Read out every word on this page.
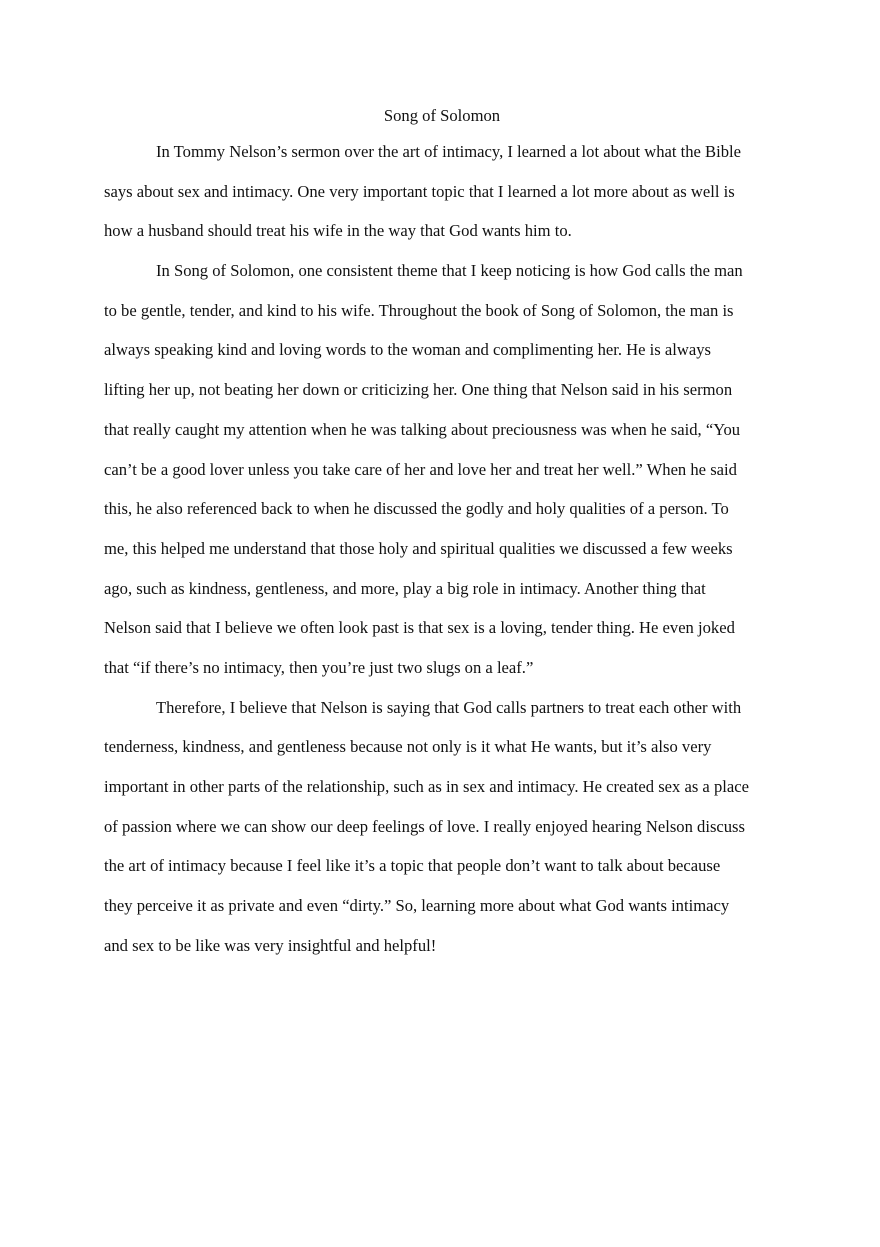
Song of Solomon
In Tommy Nelson’s sermon over the art of intimacy, I learned a lot about what the Bible
says about sex and intimacy. One very important topic that I learned a lot more about as well is
how a husband should treat his wife in the way that God wants him to.
In Song of Solomon, one consistent theme that I keep noticing is how God calls the man
to be gentle, tender, and kind to his wife. Throughout the book of Song of Solomon, the man is
always speaking kind and loving words to the woman and complimenting her. He is always
lifting her up, not beating her down or criticizing her. One thing that Nelson said in his sermon
that really caught my attention when he was talking about preciousness was when he said, “You
can’t be a good lover unless you take care of her and love her and treat her well.” When he said
this, he also referenced back to when he discussed the godly and holy qualities of a person. To
me, this helped me understand that those holy and spiritual qualities we discussed a few weeks
ago, such as kindness, gentleness, and more, play a big role in intimacy. Another thing that
Nelson said that I believe we often look past is that sex is a loving, tender thing. He even joked
that “if there’s no intimacy, then you’re just two slugs on a leaf.”
Therefore, I believe that Nelson is saying that God calls partners to treat each other with
tenderness, kindness, and gentleness because not only is it what He wants, but it’s also very
important in other parts of the relationship, such as in sex and intimacy. He created sex as a place
of passion where we can show our deep feelings of love. I really enjoyed hearing Nelson discuss
the art of intimacy because I feel like it’s a topic that people don’t want to talk about because
they perceive it as private and even “dirty.” So, learning more about what God wants intimacy
and sex to be like was very insightful and helpful!
